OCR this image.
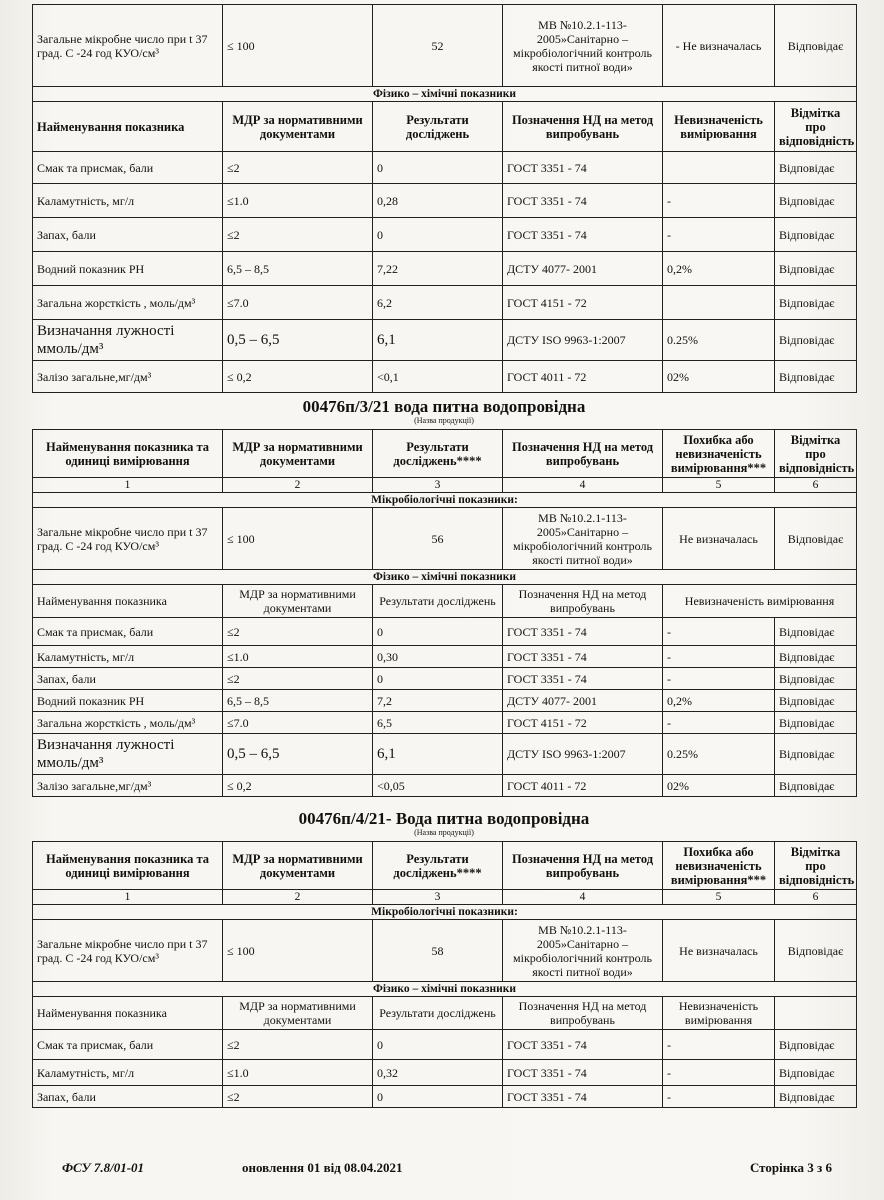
Загальне мікробне число при t 37 град. С -24 год КУО/см³	≤ 100	52	МВ №10.2.1-113-2005»Санітарно – мікробіологічний контроль якості питної води»	- Не визначалась	Відповідає
Фізико – хімічні показники					
Найменування показника	МДР за нормативними документами	Результати досліджень	Позначення НД на метод випробувань	Невизначеність вимірювання	Відмітка про відповідність
Смак та присмак, бали	≤2	0	ГОСТ 3351 - 74		Відповідає
Каламутність, мг/л	≤1.0	0,28	ГОСТ 3351 - 74	-	Відповідає
Запах, бали	≤2	0	ГОСТ 3351 - 74	-	Відповідає
Водний показник РН	6,5 – 8,5	7,22	ДСТУ 4077- 2001	0,2%	Відповідає
Загальна жорсткість , моль/дм³	≤7.0	6,2	ГОСТ 4151 - 72		Відповідає
Визначання лужності ммоль/дм³	0,5 – 6,5	6,1	ДСТУ ISO 9963-1:2007	0.25%	Відповідає
Залізо загальне,мг/дм³	≤ 0,2	<0,1	ГОСТ 4011 - 72	02%	Відповідає
00476п/3/21 вода питна водопровідна
(Назва продукції)
Найменування показника та одиниці вимірювання	МДР за нормативними документами	Результати досліджень****	Позначення НД на метод випробувань	Похибка або невизначеність вимірювання***	Відмітка про відповідність
1	2	3	4	5	6
Мікробіологічні показники:					
Загальне мікробне число при t 37 град. С -24 год КУО/см³	≤ 100	56	МВ №10.2.1-113-2005»Санітарно – мікробіологічний контроль якості питної води»	Не визначалась	Відповідає
Фізико – хімічні показники					
Найменування показника	МДР за нормативними документами	Результати досліджень	Позначення НД на метод випробувань	Невизначеність вимірювання	
Смак та присмак, бали	≤2	0	ГОСТ 3351 - 74	-	Відповідає
Каламутність, мг/л	≤1.0	0,30	ГОСТ 3351 - 74	-	Відповідає
Запах, бали	≤2	0	ГОСТ 3351 - 74	-	Відповідає
Водний показник РН	6,5 – 8,5	7,2	ДСТУ 4077- 2001	0,2%	Відповідає
Загальна жорсткість , моль/дм³	≤7.0	6,5	ГОСТ 4151 - 72	-	Відповідає
Визначання лужності ммоль/дм³	0,5 – 6,5	6,1	ДСТУ ISO 9963-1:2007	0.25%	Відповідає
Залізо загальне,мг/дм³	≤ 0,2	<0,05	ГОСТ 4011 - 72	02%	Відповідає
00476п/4/21- Вода питна водопровідна
(Назва продукції)
Найменування показника та одиниці вимірювання	МДР за нормативними документами	Результати досліджень****	Позначення НД на метод випробувань	Похибка або невизначеність вимірювання***	Відмітка про відповідність
1	2	3	4	5	6
Мікробіологічні показники:					
Загальне мікробне число при t 37 град. С -24 год КУО/см³	≤ 100	58	МВ №10.2.1-113-2005»Санітарно – мікробіологічний контроль якості питної води»	Не визначалась	Відповідає
Фізико – хімічні показники					
Найменування показника	МДР за нормативними документами	Результати досліджень	Позначення НД на метод випробувань	Невизначеність вимірювання	
Смак та присмак, бали	≤2	0	ГОСТ 3351 - 74	-	Відповідає
Каламутність, мг/л	≤1.0	0,32	ГОСТ 3351 - 74	-	Відповідає
Запах, бали	≤2	0	ГОСТ 3351 - 74	-	Відповідає
ФСУ 7.8/01-01	оновлення 01 від 08.04.2021	Сторінка 3 з 6
